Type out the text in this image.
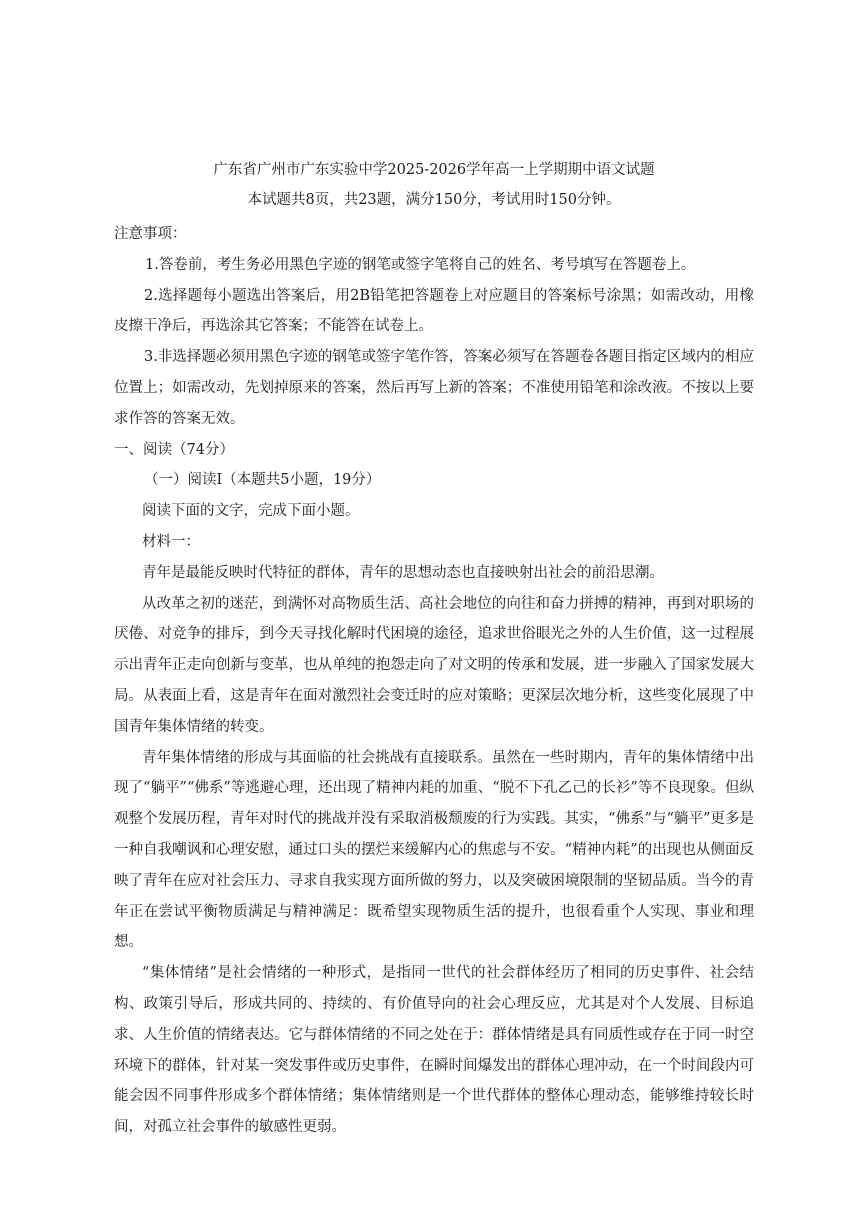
广东省广州市广东实验中学2025-2026学年高一上学期期中语文试题
本试题共8页，共23题，满分150分，考试用时150分钟。

注意事项：

1.答卷前，考生务必用黑色字迹的钢笔或签字笔将自己的姓名、考号填写在答题卷上。

2.选择题每小题选出答案后，用2B铅笔把答题卷上对应题目的答案标号涂黑；如需改动，用橡皮擦干净后，再选涂其它答案；不能答在试卷上。

3.非选择题必须用黑色字迹的钢笔或签字笔作答，答案必须写在答题卷各题目指定区域内的相应位置上；如需改动，先划掉原来的答案，然后再写上新的答案；不准使用铅笔和涂改液。不按以上要求作答的答案无效。

一、阅读（74分）

（一）阅读Ⅰ（本题共5小题，19分）

阅读下面的文字，完成下面小题。

材料一：

青年是最能反映时代特征的群体，青年的思想动态也直接映射出社会的前沿思潮。

从改革之初的迷茫，到满怀对高物质生活、高社会地位的向往和奋力拼搏的精神，再到对职场的厌倦、对竞争的排斥，到今天寻找化解时代困境的途径，追求世俗眼光之外的人生价值，这一过程展示出青年正走向创新与变革，也从单纯的抱怨走向了对文明的传承和发展，进一步融入了国家发展大局。从表面上看，这是青年在面对激烈社会变迁时的应对策略；更深层次地分析，这些变化展现了中国青年集体情绪的转变。

青年集体情绪的形成与其面临的社会挑战有直接联系。虽然在一些时期内，青年的集体情绪中出现了“躺平”“佛系”等逃避心理，还出现了精神内耗的加重、“脱不下孔乙己的长衫”等不良现象。但纵观整个发展历程，青年对时代的挑战并没有采取消极颓废的行为实践。其实，“佛系”与“躺平”更多是一种自我嘲讽和心理安慰，通过口头的摆烂来缓解内心的焦虑与不安。“精神内耗”的出现也从侧面反映了青年在应对社会压力、寻求自我实现方面所做的努力，以及突破困境限制的坚韧品质。当今的青年正在尝试平衡物质满足与精神满足：既希望实现物质生活的提升，也很看重个人实现、事业和理想。

“集体情绪”是社会情绪的一种形式，是指同一世代的社会群体经历了相同的历史事件、社会结构、政策引导后，形成共同的、持续的、有价值导向的社会心理反应，尤其是对个人发展、目标追求、人生价值的情绪表达。它与群体情绪的不同之处在于：群体情绪是具有同质性或存在于同一时空环境下的群体，针对某一突发事件或历史事件，在瞬时间爆发出的群体心理冲动，在一个时间段内可能会因不同事件形成多个群体情绪；集体情绪则是一个世代群体的整体心理动态，能够维持较长时间，对孤立社会事件的敏感性更弱。
